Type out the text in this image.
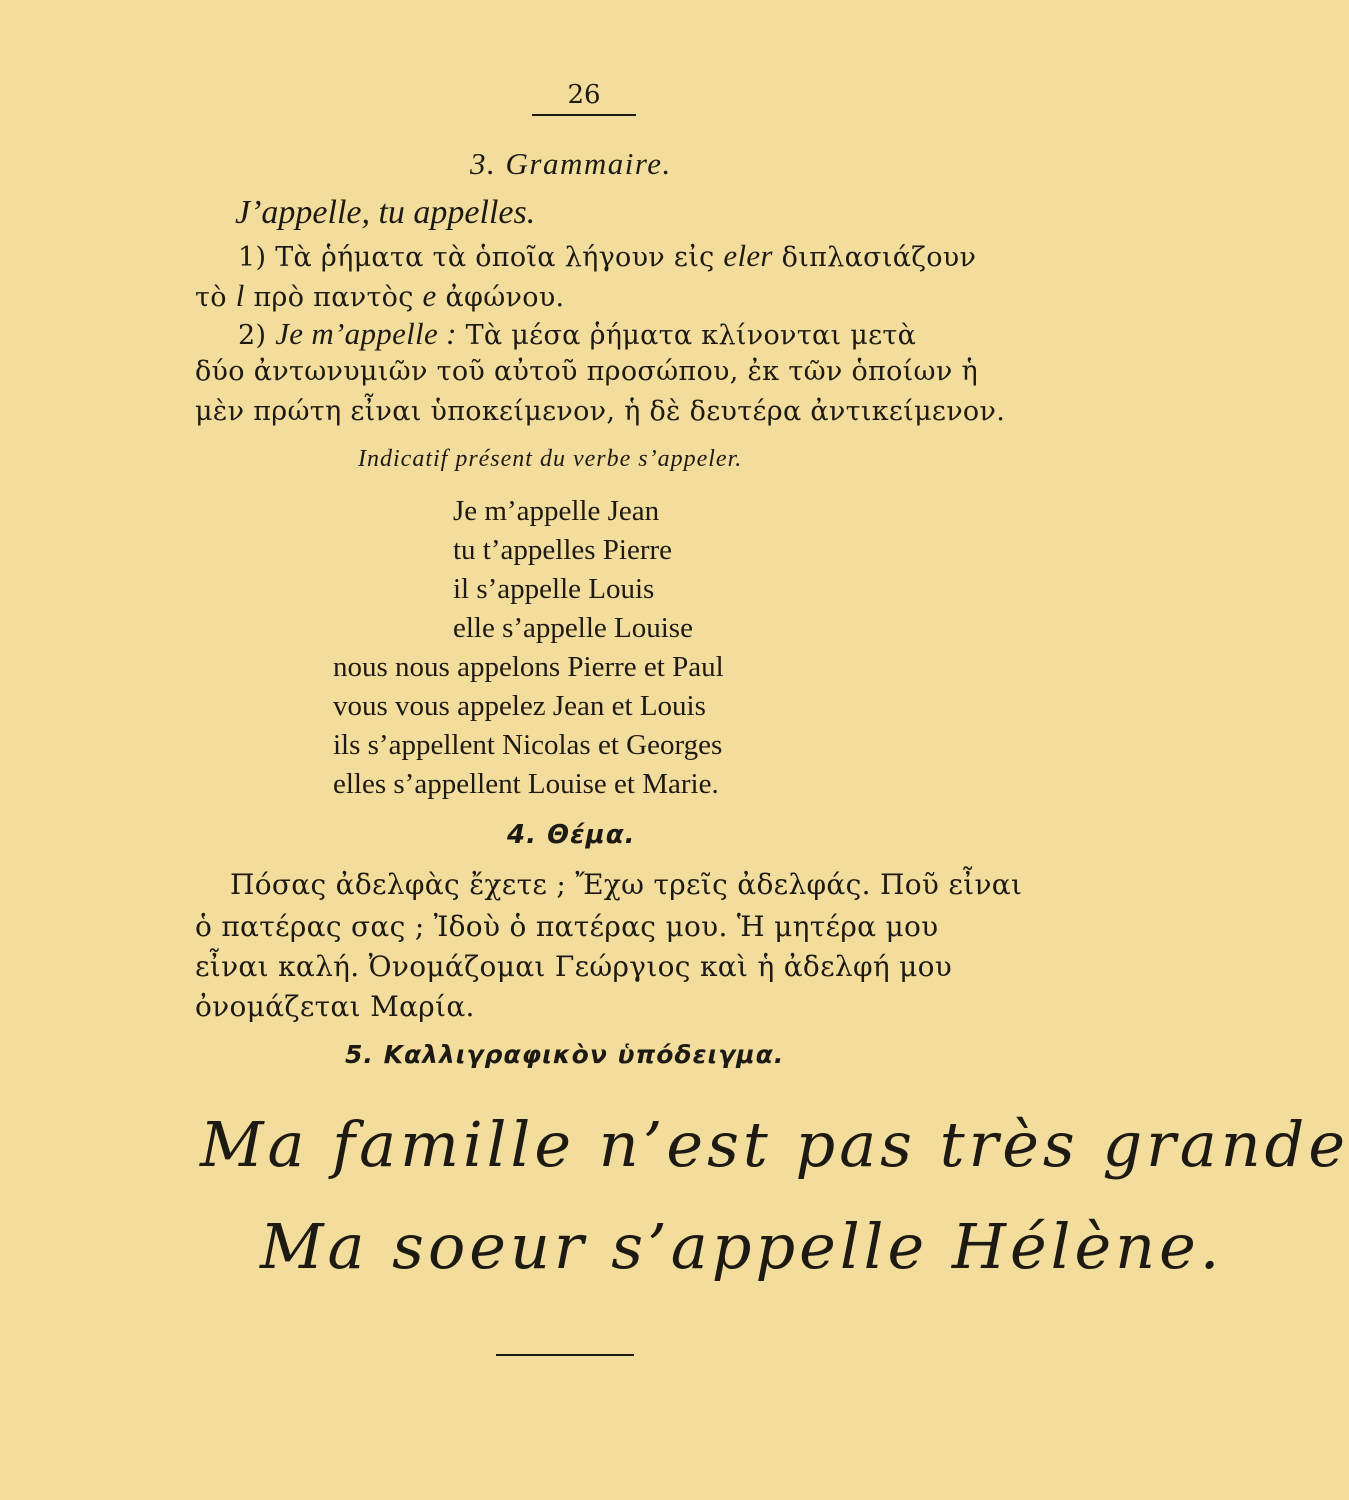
26
3. Grammaire.
J’appelle, tu appelles.
1) Τὰ ῥήματα τὰ ὁποῖα λήγουν εἰς eler διπλασιάζουν
τὸ l πρὸ παντὸς e ἀφώνου.
2) Je m’appelle : Τὰ μέσα ῥήματα κλίνονται μετὰ
δύο ἀντωνυμιῶν τοῦ αὐτοῦ προσώπου, ἐκ τῶν ὁποίων ἡ
μὲν πρώτη εἶναι ὑποκείμενον, ἡ δὲ δευτέρα ἀντικείμενον.
Indicatif présent du verbe s’appeler.
Je m’appelle Jean
tu t’appelles Pierre
il s’appelle Louis
elle s’appelle Louise
nous nous appelons Pierre et Paul
vous vous appelez Jean et Louis
ils s’appellent Nicolas et Georges
elles s’appellent Louise et Marie.
4. Θέμα.
Πόσας ἀδελφὰς ἔχετε ; Ἔχω τρεῖς ἀδελφάς. Ποῦ εἶναι
ὁ πατέρας σας ; Ἰδοὺ ὁ πατέρας μου. Ἡ μητέρα μου
εἶναι καλή. Ὀνομάζομαι Γεώργιος καὶ ἡ ἀδελφή μου
ὀνομάζεται Μαρία.
5. Καλλιγραφικὸν ὑπόδειγμα.
Ma famille n’est pas très grande
Ma soeur s’appelle Hélène.
